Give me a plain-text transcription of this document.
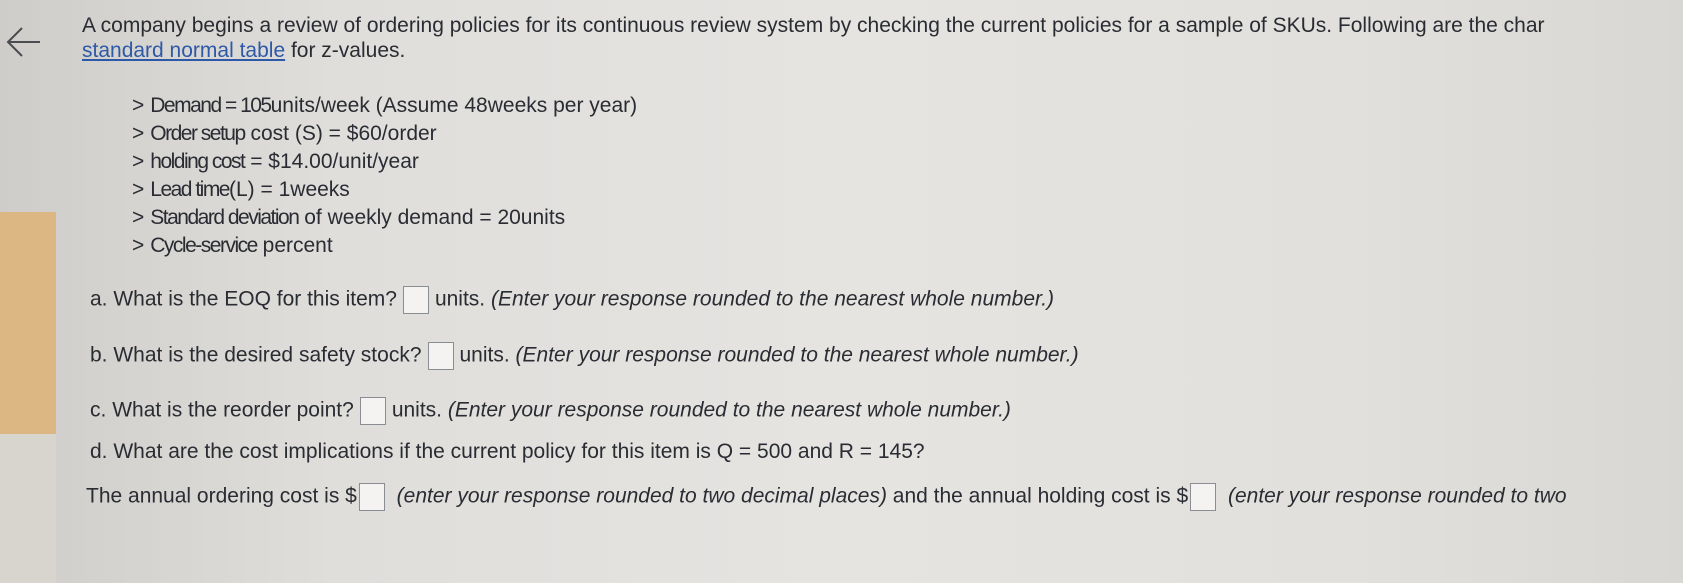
A company begins a review of ordering policies for its continuous review system by checking the current policies for a sample of SKUs. Following are the char
standard normal table for z-values.
> Demand = 105units/week (Assume 48weeks per year)
> Order setup cost (S) = $60/order
> holding cost = $14.00/unit/year
> Lead time(L) = 1weeks
> Standard deviation of weekly demand = 20units
> Cycle-service percent
a. What is the EOQ for this item? units. (Enter your response rounded to the nearest whole number.)
b. What is the desired safety stock? units. (Enter your response rounded to the nearest whole number.)
c. What is the reorder point? units. (Enter your response rounded to the nearest whole number.)
d. What are the cost implications if the current policy for this item is Q = 500 and R = 145?
The annual ordering cost is $ (enter your response rounded to two decimal places) and the annual holding cost is $ (enter your response rounded to two
